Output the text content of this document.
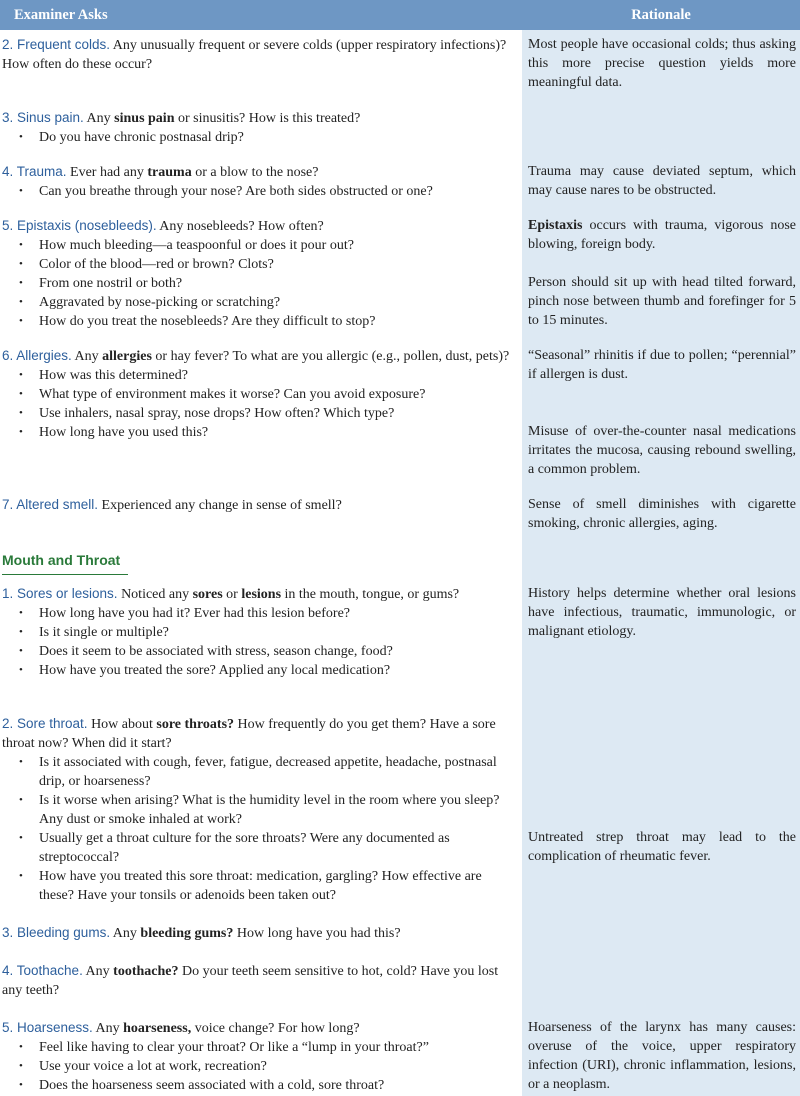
Examiner Asks	Rationale

2. Frequent colds. Any unusually frequent or severe colds (upper respiratory infections)? How often do these occur?

3. Sinus pain. Any sinus pain or sinusitis? How is this treated?

• Do you have chronic postnasal drip?

4. Trauma. Ever had any trauma or a blow to the nose?

• Can you breathe through your nose? Are both sides obstructed or one?

5. Epistaxis (nosebleeds). Any nosebleeds? How often?

• How much bleeding—a teaspoonful or does it pour out?
• Color of the blood—red or brown? Clots?
• From one nostril or both?
• Aggravated by nose-picking or scratching?
• How do you treat the nosebleeds? Are they difficult to stop?

6. Allergies. Any allergies or hay fever? To what are you allergic (e.g., pollen, dust, pets)?

• How was this determined?
• What type of environment makes it worse? Can you avoid exposure?
• Use inhalers, nasal spray, nose drops? How often? Which type?
• How long have you used this?

7. Altered smell. Experienced any change in sense of smell?

Mouth and Throat

1. Sores or lesions. Noticed any sores or lesions in the mouth, tongue, or gums?

• How long have you had it? Ever had this lesion before?
• Is it single or multiple?
• Does it seem to be associated with stress, season change, food?
• How have you treated the sore? Applied any local medication?

2. Sore throat. How about sore throats? How frequently do you get them? Have a sore throat now? When did it start?

• Is it associated with cough, fever, fatigue, decreased appetite, headache, postnasal drip, or hoarseness?
• Is it worse when arising? What is the humidity level in the room where you sleep? Any dust or smoke inhaled at work?
• Usually get a throat culture for the sore throats? Were any documented as streptococcal?
• How have you treated this sore throat: medication, gargling? How effective are these? Have your tonsils or adenoids been taken out?

3. Bleeding gums. Any bleeding gums? How long have you had this?

4. Toothache. Any toothache? Do your teeth seem sensitive to hot, cold? Have you lost any teeth?

5. Hoarseness. Any hoarseness, voice change? For how long?

• Feel like having to clear your throat? Or like a “lump in your throat?”
• Use your voice a lot at work, recreation?
• Does the hoarseness seem associated with a cold, sore throat?

Most people have occasional colds; thus asking this more precise question yields more meaningful data.

Trauma may cause deviated septum, which may cause nares to be obstructed.

Epistaxis occurs with trauma, vigorous nose blowing, foreign body.

Person should sit up with head tilted forward, pinch nose between thumb and forefinger for 5 to 15 minutes.

“Seasonal” rhinitis if due to pollen; “perennial” if allergen is dust.

Misuse of over-the-counter nasal medications irritates the mucosa, causing rebound swelling, a common problem.

Sense of smell diminishes with cigarette smoking, chronic allergies, aging.

History helps determine whether oral lesions have infectious, traumatic, immunologic, or malignant etiology.

Untreated strep throat may lead to the complication of rheumatic fever.

Hoarseness of the larynx has many causes: overuse of the voice, upper respiratory infection (URI), chronic inflammation, lesions, or a neoplasm.
